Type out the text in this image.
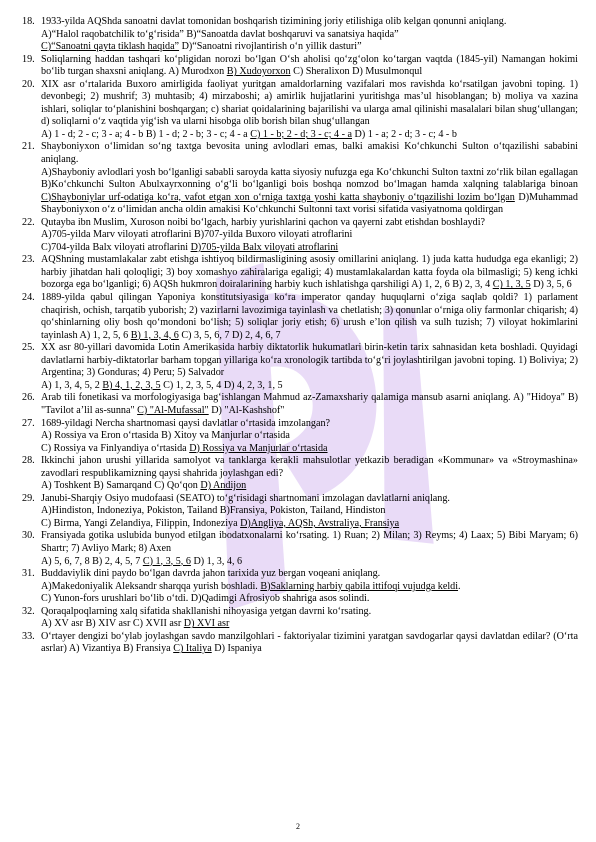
18. 1933-yilda AQShda sanoatni davlat tomonidan boshqarish tizimining joriy etilishiga olib kelgan qonunni aniqlang.

A)“Halol raqobatchilik to‘g‘risida” B)“Sanoatda davlat boshqaruvi va sanatsiya haqida”

C)“Sanoatni qayta tiklash haqida” D)“Sanoatni rivojlantirish o‘n yillik dasturi”

19. Soliqlarning haddan tashqari ko‘pligidan norozi bo‘lgan O‘sh aholisi qo‘zg‘olon ko‘targan vaqtda (1845-yil) Namangan hokimi bo‘lib turgan shaxsni aniqlang. A) Murodxon B) Xudoyorxon C) Sheralixon D) Musulmonqul

20. XIX asr o‘rtalarida Buxoro amirligida faoliyat yuritgan amaldorlarning vazifalari mos ravishda ko‘rsatilgan javobni toping. 1) devonbegi; 2) mushrif; 3) muhtasib; 4) mirzaboshi; a) amirlik hujjatlarini yuritishga mas’ul hisoblangan; b) moliya va xazina ishlari, soliqlar to‘planishini boshqargan; c) shariat qoidalarining bajarilishi va ularga amal qilinishi masalalari bilan shug‘ullangan; d) soliqlarni o‘z vaqtida yig‘ish va ularni hisobga olib borish bilan shug‘ullangan

A) 1 - d; 2 - c; 3 - a; 4 - b B) 1 - d; 2 - b; 3 - c; 4 - a C) 1 - b; 2 - d; 3 - c; 4 - a D) 1 - a; 2 - d; 3 - c; 4 - b

21. Shayboniyxon o‘limidan so‘ng taxtga bevosita uning avlodlari emas, balki amakisi Ko‘chkunchi Sulton o‘tqazilishi sababini aniqlang.

A)Shayboniy avlodlari yosh bo‘lganligi sababli saroyda katta siyosiy nufuzga ega Ko‘chkunchi Sulton taxtni zo‘rlik bilan egallagan B)Ko‘chkunchi Sulton Abulxayrxonning o‘g‘li bo‘lganligi bois boshqa nomzod bo‘lmagan hamda xalqning talablariga binoan C)Shayboniylar urf-odatiga ko‘ra, vafot etgan xon o‘rniga taxtga yoshi katta shayboniy o‘tqazilishi lozim bo‘lgan D)Muhammad Shayboniyxon o‘z o‘limidan ancha oldin amakisi Ko‘chkunchi Sultonni taxt vorisi sifatida vasiyatnoma qoldirgan

22. Qutayba ibn Muslim, Xuroson noibi bo‘lgach, harbiy yurishlarini qachon va qayerni zabt etishdan boshlaydi?

A)705-yilda Marv viloyati atroflarini B)707-yilda Buxoro viloyati atroflarini

C)704-yilda Balx viloyati atroflarini D)705-yilda Balx viloyati atroflarini

23. AQShning mustamlakalar zabt etishga ishtiyoq bildirmasligining asosiy omillarini aniqlang. 1) juda katta hududga ega ekanligi; 2) harbiy jihatdan hali qoloqligi; 3) boy xomashyo zahiralariga egaligi; 4) mustamlakalardan katta foyda ola bilmasligi; 5) keng ichki bozorga ega bo‘lganligi; 6) AQSh hukmron doiralarining harbiy kuch ishlatishga qarshiligi A) 1, 2, 6 B) 2, 3, 4 C) 1, 3, 5 D) 3, 5, 6

24. 1889-yilda qabul qilingan Yaponiya konstitutsiyasiga ko‘ra imperator qanday huquqlarni o‘ziga saqlab qoldi? 1) parlament chaqirish, ochish, tarqatib yuborish; 2) vazirlarni lavozimiga tayinlash va chetlatish; 3) qonunlar o‘rniga oliy farmonlar chiqarish; 4) qo‘shinlarning oliy bosh qo‘mondoni bo‘lish; 5) soliqlar joriy etish; 6) urush e’lon qilish va sulh tuzish; 7) viloyat hokimlarini tayinlash A) 1, 2, 5, 6 B) 1, 3, 4, 6 C) 3, 5, 6, 7 D) 2, 4, 6, 7

25. XX asr 80-yillari davomida Lotin Amerikasida harbiy diktatorlik hukumatlari birin-ketin tarix sahnasidan keta boshladi. Quyidagi davlatlarni harbiy-diktatorlar barham topgan yillariga ko‘ra xronologik tartibda to‘g‘ri joylashtirilgan javobni toping. 1) Boliviya; 2) Argentina; 3) Gonduras; 4) Peru; 5) Salvador

A) 1, 3, 4, 5, 2 B) 4, 1, 2, 3, 5 C) 1, 2, 3, 5, 4 D) 4, 2, 3, 1, 5

26. Arab tili fonetikasi va morfologiyasiga bag‘ishlangan Mahmud az-Zamaxshariy qalamiga mansub asarni aniqlang. A) "Hidoya" B) "Tavilot a’lil as-sunna" C) "Al-Mufassal" D) "Al-Kashshof"

27. 1689-yildagi Nercha shartnomasi qaysi davlatlar o‘rtasida imzolangan?

A) Rossiya va Eron o‘rtasida B) Xitoy va Manjurlar o‘rtasida

C) Rossiya va Finlyandiya o‘rtasida D) Rossiya va Manjurlar o‘rtasida

28. Ikkinchi jahon urushi yillarida samolyot va tanklarga kerakli mahsulotlar yetkazib beradigan «Kommunar» va «Stroymashina» zavodlari respublikamizning qaysi shahrida joylashgan edi?

A) Toshkent B) Samarqand C) Qo‘qon D) Andijon

29. Janubi-Sharqiy Osiyo mudofaasi (SEATO) to‘g‘risidagi shartnomani imzolagan davlatlarni aniqlang.

A)Hindiston, Indoneziya, Pokiston, Tailand B)Fransiya, Pokiston, Tailand, Hindiston

C) Birma, Yangi Zelandiya, Filippin, Indoneziya D)Angliya, AQSh, Avstraliya, Fransiya

30. Fransiyada gotika uslubida bunyod etilgan ibodatxonalarni ko‘rsating. 1) Ruan; 2) Milan; 3) Reyms; 4) Laax; 5) Bibi Maryam; 6) Shartr; 7) Avliyo Mark; 8) Axen

A) 5, 6, 7, 8 B) 2, 4, 5, 7 C) 1, 3, 5, 6 D) 1, 3, 4, 6

31. Buddaviylik dini paydo bo‘lgan davrda jahon tarixida yuz bergan voqeani aniqlang.

A)Makedoniyalik Aleksandr sharqqa yurish boshladi. B)Saklarning harbiy qabila ittifoqi vujudga keldi.

C) Yunon-fors urushlari bo‘lib o‘tdi. D)Qadimgi Afrosiyob shahriga asos solindi.

32. Qoraqalpoqlarning xalq sifatida shakllanishi nihoyasiga yetgan davrni ko‘rsating.

A) XV asr B) XIV asr C) XVII asr D) XVI asr

33. O‘rtayer dengizi bo‘ylab joylashgan savdo manzilgohlari - faktoriyalar tizimini yaratgan savdogarlar qaysi davlatdan edilar? (O‘rta asrlar) A) Vizantiya B) Fransiya C) Italiya D) Ispaniya

2
